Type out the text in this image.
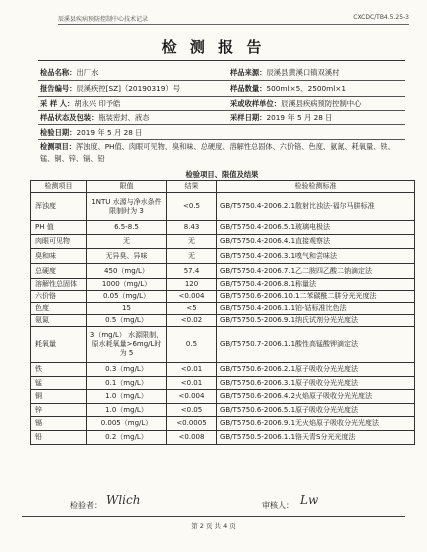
辰溪县疾病预防控制中心技术记录	CXCDC/TB4.5.25-3
检 测 报 告
检品名称：出厂水	样品来源：辰溪县黄溪口镇双溪村
报告编号：辰溪疾控[SZ]（20190319）号	样品数量：500ml×5、2500ml×1
采 样 人：胡永兴 印予皓	采或收样单位：辰溪县疾病预防控制中心
样品状态及包装：瓶装密封、液态	采样日期：2019 年 5 月 28 日
检验日期：2019 年 5 月 28 日
检测项目：浑浊度、PH值、肉眼可见物、臭和味、总硬度、溶解性总固体、六价铬、色度、氨氮、耗氧量、铁、锰、铜、锌、镉、铅
检验项目、限值及结果
检测项目	限值	结果	检验检测标准
浑浊度	1NTU 水源与净水条件限制时为 3	<0.5	GB/T5750.4-2006.2.1散射比浊法-福尔马肼标准
PH 值	6.5-8.5	8.43	GB/T5750.4-2006.5.1玻璃电极法
肉眼可见物	无	无	GB/T5750.4-2006.4.1直接观察法
臭和味	无异臭、异味	无	GB/T5750.4-2006.3.1嗅气和尝味法
总硬度	450（mg/L）	57.4	GB/T5750.4-2006.7.1乙二胺四乙酸二钠滴定法
溶解性总固体	1000（mg/L）	120	GB/T5750.4-2006.8.1称量法
六价铬	0.05（mg/L）	<0.004	GB/T5750.6-2006.10.1二苯碳酰二肼分光光度法
色度	15	<5	GB/T5750.4-2006.1.1铂-钴标准比色法
氨氮	0.5（mg/L）	<0.02	GB/T5750.5-2006.9.1纳氏试剂分光光度法
耗氧量	3（mg/L） 水源限制，原水耗氧量>6mg/L时为 5	0.5	GB/T5750.7-2006.1.1酸性高锰酸钾滴定法
铁	0.3（mg/L）	<0.01	GB/T5750.6-2006.2.1原子吸收分光光度法
锰	0.1（mg/L）	<0.01	GB/T5750.6-2006.3.1原子吸收分光光度法
铜	1.0（mg/L）	<0.004	GB/T5750.6-2006.4.2火焰原子吸收分光光度法
锌	1.0（mg/L）	<0.05	GB/T5750.6-2006.5.1原子吸收分光光度法
镉	0.005（mg/L）	<0.0005	GB/T5750.6-2006.9.1无火焰原子吸收分光光度法
铅	0.2（mg/L）	<0.008	GB/T5750.5-2006.1.1铬天青S分光光度法
检验者： Wlich	审核人： Lw
第 2 页 共 4 页
